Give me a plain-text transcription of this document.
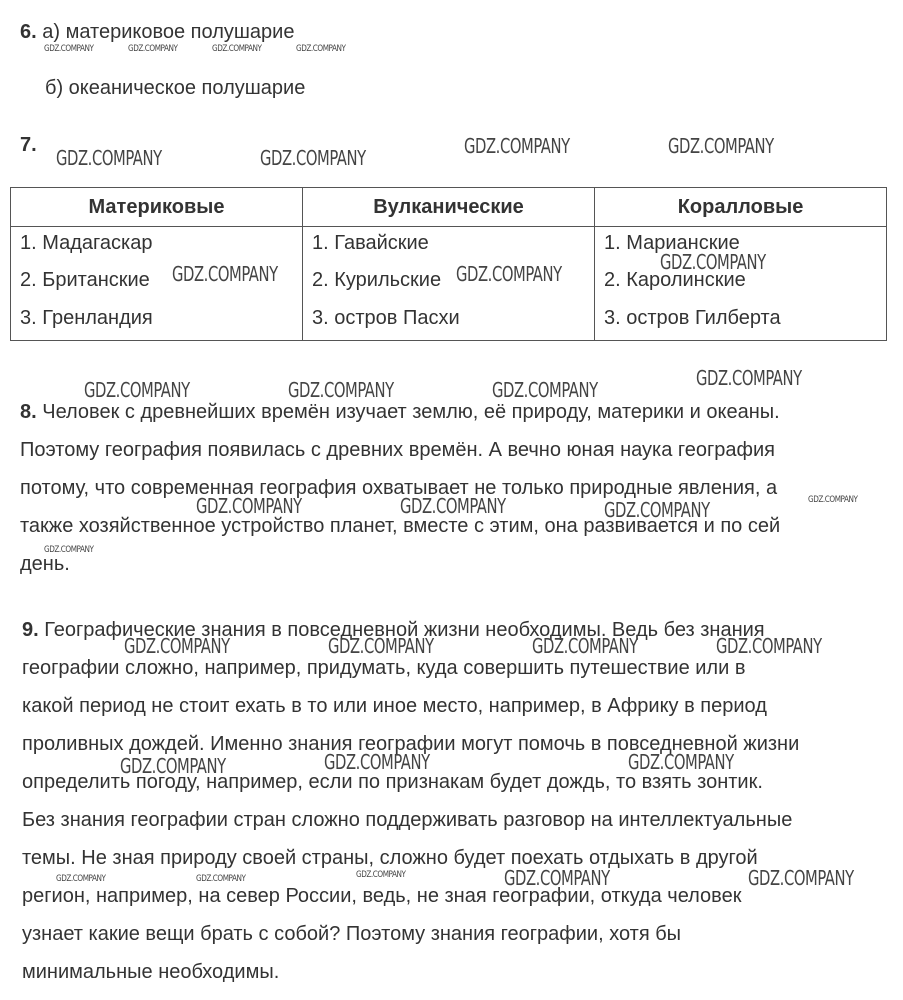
6. а) материковое полушарие
б) океаническое полушарие
7.
Материковые	Вулканические	Коралловые

1. Мадагаскар
2. Британские
3. Гренландия	1. Гавайские
2. Курильские
3. остров Пасхи	1. Марианские
2. Каролинские
3. остров Гилберта
8. Человек с древнейших времён изучает землю, её природу, материки и океаны.
Поэтому география появилась с древних времён. А вечно юная наука география
потому, что современная география охватывает не только природные явления, а
также хозяйственное устройство планет, вместе с этим, она развивается и по сей
день.
9. Географические знания в повседневной жизни необходимы. Ведь без знания
географии сложно, например, придумать, куда совершить путешествие или в
какой период не стоит ехать в то или иное место, например, в Африку в период
проливных дождей. Именно знания географии могут помочь в повседневной жизни
определить погоду, например, если по признакам будет дождь, то взять зонтик.
Без знания географии стран сложно поддерживать разговор на интеллектуальные
темы. Не зная природу своей страны, сложно будет поехать отдыхать в другой
регион, например, на север России, ведь, не зная географии, откуда человек
узнает какие вещи брать с собой? Поэтому знания географии, хотя бы
минимальные необходимы.
GDZ.COMPANY	GDZ.COMPANY	GDZ.COMPANY	GDZ.COMPANY
GDZ.COMPANY	GDZ.COMPANY	GDZ.COMPANY	GDZ.COMPANY
GDZ.COMPANY	GDZ.COMPANY	GDZ.COMPANY
GDZ.COMPANY	GDZ.COMPANY	GDZ.COMPANY	GDZ.COMPANY
GDZ.COMPANY	GDZ.COMPANY	GDZ.COMPANY	GDZ.COMPANY
GDZ.COMPANY
GDZ.COMPANY	GDZ.COMPANY	GDZ.COMPANY	GDZ.COMPANY
GDZ.COMPANY	GDZ.COMPANY	GDZ.COMPANY
GDZ.COMPANY	GDZ.COMPANY	GDZ.COMPANY	GDZ.COMPANY	GDZ.COMPANY
